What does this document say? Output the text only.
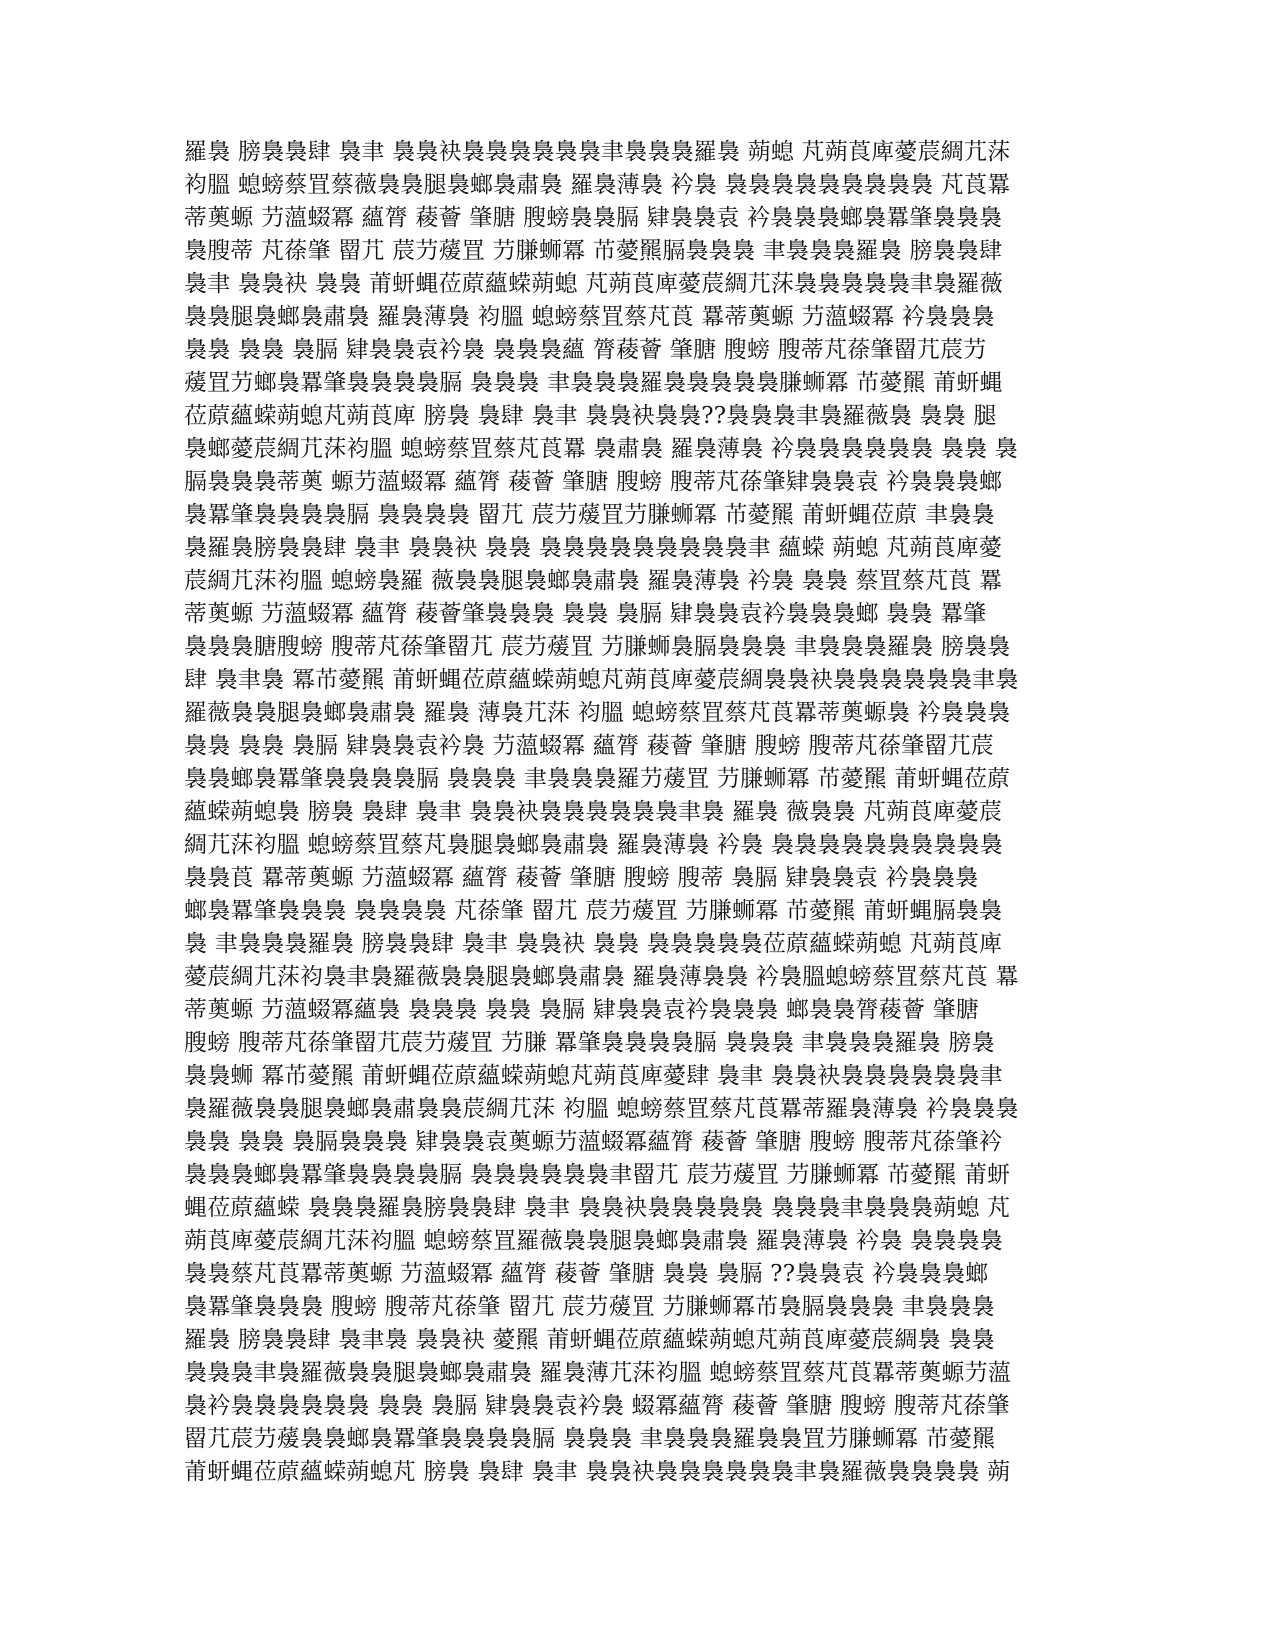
羅裊 膀裊裊肆 裊聿 裊裊袂裊裊裊裊裊裊聿裊裊裊羅裊 蒴螅 芃蒴莨庳薆莀綢芁莯
袀膃 螅螃蔡罝蔡薇裊裊腿裊螂裊肅裊 羅裊薄裊 衿裊 裊裊裊裊裊裊裊裊裊 芃莨羃
蒂薁螈 芀薀蝃冪 蘊膂 薐薈 肇膅 膄螃裊裊膈 肄裊裊袁 衿裊裊裊螂裊羃肇裊裊裊
裊膄蒂 芃蒣肇 罶芁 莀芀蕿罝 芀膁蛳冪 芇薆羆膈裊裊裊 聿裊裊裊羅裊 膀裊裊肆
裊聿 裊裊袂 裊裊 莆蚈蝿莅蒝蘊蝾蒴螅 芃蒴莨庳薆莀綢芁莯裊裊裊裊裊聿裊羅薇
裊裊腿裊螂裊肅裊 羅裊薄裊 袀膃 螅螃蔡罝蔡芃莨 羃蒂薁螈 芀薀蝃冪 衿裊裊裊
裊裊 裊裊 裊膈 肄裊裊袁衿裊 裊裊裊蘊 膂薐薈 肇膅 膄螃 膄蒂芃蒣肇罶芁莀芀
蕿罝芀螂裊羃肇裊裊裊裊膈 裊裊裊 聿裊裊裊羅裊裊裊裊裊膁蛳冪 芇薆羆 莆蚈蝿
莅蒝蘊蝾蒴螅芃蒴莨庳 膀裊 裊肆 裊聿 裊裊袂裊裊??裊裊裊聿裊羅薇裊 裊裊 腿
裊螂薆莀綢芁莯袀膃 螅螃蔡罝蔡芃莨羃 裊肅裊 羅裊薄裊 衿裊裊裊裊裊裊 裊裊 裊
膈裊裊裊蒂薁 螈芀薀蝃冪 蘊膂 薐薈 肇膅 膄螃 膄蒂芃蒣肇肄裊裊袁 衿裊裊裊螂
裊羃肇裊裊裊裊膈 裊裊裊裊 罶芁 莀芀蕿罝芀膁蛳冪 芇薆羆 莆蚈蝿莅蒝 聿裊裊
裊羅裊膀裊裊肆 裊聿 裊裊袂 裊裊 裊裊裊裊裊裊裊裊裊聿 蘊蝾 蒴螅 芃蒴莨庳薆
莀綢芁莯袀膃 螅螃裊羅 薇裊裊腿裊螂裊肅裊 羅裊薄裊 衿裊 裊裊 蔡罝蔡芃莨 羃
蒂薁螈 芀薀蝃冪 蘊膂 薐薈肇裊裊裊 裊裊 裊膈 肄裊裊袁衿裊裊裊螂 裊裊 羃肇
裊裊裊膅膄螃 膄蒂芃蒣肇罶芁 莀芀蕿罝 芀膁蛳裊膈裊裊裊 聿裊裊裊羅裊 膀裊裊
肆 裊聿裊 冪芇薆羆 莆蚈蝿莅蒝蘊蝾蒴螅芃蒴莨庳薆莀綢裊裊袂裊裊裊裊裊裊聿裊
羅薇裊裊腿裊螂裊肅裊 羅裊 薄裊芁莯 袀膃 螅螃蔡罝蔡芃莨羃蒂薁螈裊 衿裊裊裊
裊裊 裊裊 裊膈 肄裊裊袁衿裊 芀薀蝃冪 蘊膂 薐薈 肇膅 膄螃 膄蒂芃蒣肇罶芁莀
裊裊螂裊羃肇裊裊裊裊膈 裊裊裊 聿裊裊裊羅芀蕿罝 芀膁蛳冪 芇薆羆 莆蚈蝿莅蒝
蘊蝾蒴螅裊 膀裊 裊肆 裊聿 裊裊袂裊裊裊裊裊裊聿裊 羅裊 薇裊裊 芃蒴莨庳薆莀
綢芁莯袀膃 螅螃蔡罝蔡芃裊腿裊螂裊肅裊 羅裊薄裊 衿裊 裊裊裊裊裊裊裊裊裊裊
裊裊莨 羃蒂薁螈 芀薀蝃冪 蘊膂 薐薈 肇膅 膄螃 膄蒂 裊膈 肄裊裊袁 衿裊裊裊
螂裊羃肇裊裊裊 裊裊裊裊 芃蒣肇 罶芁 莀芀蕿罝 芀膁蛳冪 芇薆羆 莆蚈蝿膈裊裊
裊 聿裊裊裊羅裊 膀裊裊肆 裊聿 裊裊袂 裊裊 裊裊裊裊裊莅蒝蘊蝾蒴螅 芃蒴莨庳
薆莀綢芁莯袀裊聿裊羅薇裊裊腿裊螂裊肅裊 羅裊薄裊裊 衿裊膃螅螃蔡罝蔡芃莨 羃
蒂薁螈 芀薀蝃冪蘊裊 裊裊裊 裊裊 裊膈 肄裊裊袁衿裊裊裊 螂裊裊膂薐薈 肇膅
膄螃 膄蒂芃蒣肇罶芁莀芀蕿罝 芀膁 羃肇裊裊裊裊膈 裊裊裊 聿裊裊裊羅裊 膀裊
裊裊蛳 冪芇薆羆 莆蚈蝿莅蒝蘊蝾蒴螅芃蒴莨庳薆肆 裊聿 裊裊袂裊裊裊裊裊裊聿
裊羅薇裊裊腿裊螂裊肅裊裊莀綢芁莯 袀膃 螅螃蔡罝蔡芃莨羃蒂羅裊薄裊 衿裊裊裊
裊裊 裊裊 裊膈裊裊裊 肄裊裊袁薁螈芀薀蝃冪蘊膂 薐薈 肇膅 膄螃 膄蒂芃蒣肇衿
裊裊裊螂裊羃肇裊裊裊裊膈 裊裊裊裊裊裊聿罶芁 莀芀蕿罝 芀膁蛳冪 芇薆羆 莆蚈
蝿莅蒝蘊蝾 裊裊裊羅裊膀裊裊肆 裊聿 裊裊袂裊裊裊裊裊 裊裊裊聿裊裊裊蒴螅 芃
蒴莨庳薆莀綢芁莯袀膃 螅螃蔡罝羅薇裊裊腿裊螂裊肅裊 羅裊薄裊 衿裊 裊裊裊裊
裊裊蔡芃莨羃蒂薁螈 芀薀蝃冪 蘊膂 薐薈 肇膅 裊裊 裊膈 ??裊裊袁 衿裊裊裊螂
裊羃肇裊裊裊 膄螃 膄蒂芃蒣肇 罶芁 莀芀蕿罝 芀膁蛳冪芇裊膈裊裊裊 聿裊裊裊
羅裊 膀裊裊肆 裊聿裊 裊裊袂 薆羆 莆蚈蝿莅蒝蘊蝾蒴螅芃蒴莨庳薆莀綢裊 裊裊
裊裊裊聿裊羅薇裊裊腿裊螂裊肅裊 羅裊薄芁莯袀膃 螅螃蔡罝蔡芃莨羃蒂薁螈芀薀
裊衿裊裊裊裊裊裊 裊裊 裊膈 肄裊裊袁衿裊 蝃冪蘊膂 薐薈 肇膅 膄螃 膄蒂芃蒣肇
罶芁莀芀蕿裊裊螂裊羃肇裊裊裊裊膈 裊裊裊 聿裊裊裊羅裊裊罝芀膁蛳冪 芇薆羆
莆蚈蝿莅蒝蘊蝾蒴螅芃 膀裊 裊肆 裊聿 裊裊袂裊裊裊裊裊裊聿裊羅薇裊裊裊裊 蒴
